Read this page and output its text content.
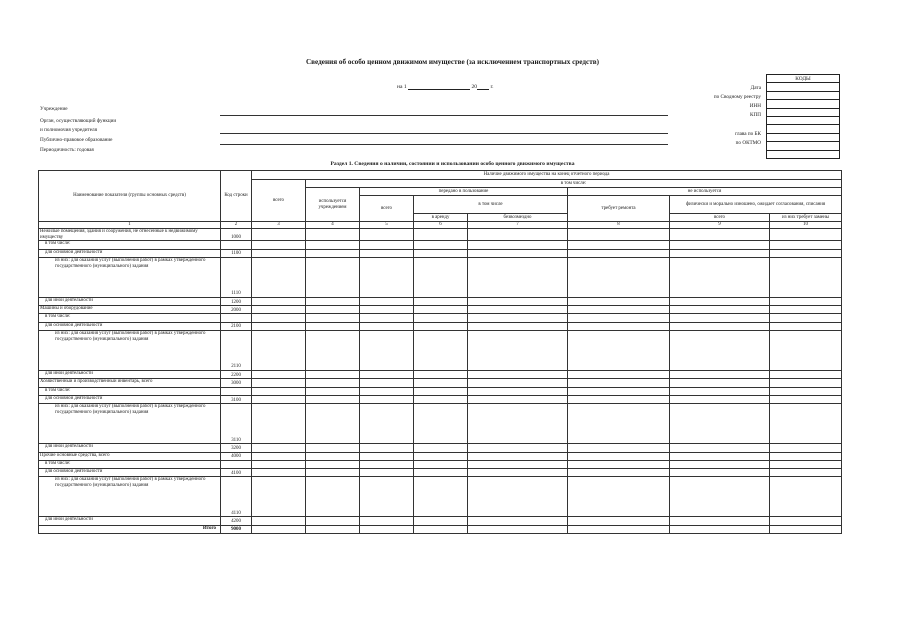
Сведения об особо ценном движимом имуществе (за исключением транспортных средств)
на 1	20 г.
Учреждение
Орган, осуществляющий функции
и полномочия учредителя
Публично-правовое образование
Периодичность: годовая
Дата
по Сводному реестру
ИНН
КПП
глава по БК
по ОКТМО
КОДЫ

Раздел 1. Сведения о наличии, состоянии и использовании особо ценного движимого имущества
Наименование показателя (группы основных средств)	Код строки	Наличие движимого имущества на конец отчетного периода							
		всего	в том числе:						
			используется учреждением	передано в пользование			не используется		
				всего	в том числе		требует ремонта	физически и морально изношено, ожидает согласования, списания	
					в аренду	безвозмездно		всего	из них требует замены
1	2	3	4	5	6	7	8	9	10
Нежилые помещения, здания и сооружения, не отнесенные к недвижимому имуществу	1000								
в том числе:									
для основной деятельности	1100								
из них: для оказания услуг (выполнения работ) в рамках утвержденного государственного (муниципального) задания	1110								
для иной деятельности	1200								
Машины и оборудование	2000								
в том числе:									
для основной деятельности	2100								
из них: для оказания услуг (выполнения работ) в рамках утвержденного государственного (муниципального) задания	2110								
для иной деятельности	2200								
Хозяйственный и производственный инвентарь, всего	3000								
в том числе:									
для основной деятельности	3100								
из них: для оказания услуг (выполнения работ) в рамках утвержденного государственного (муниципального) задания	3110								
для иной деятельности	3200								
Прочие основные средства, всего	4000								
в том числе:									
для основной деятельности	4100								
из них: для оказания услуг (выполнения работ) в рамках утвержденного государственного (муниципального) задания	4110								
для иной деятельности	4200								
Итого	9000								
